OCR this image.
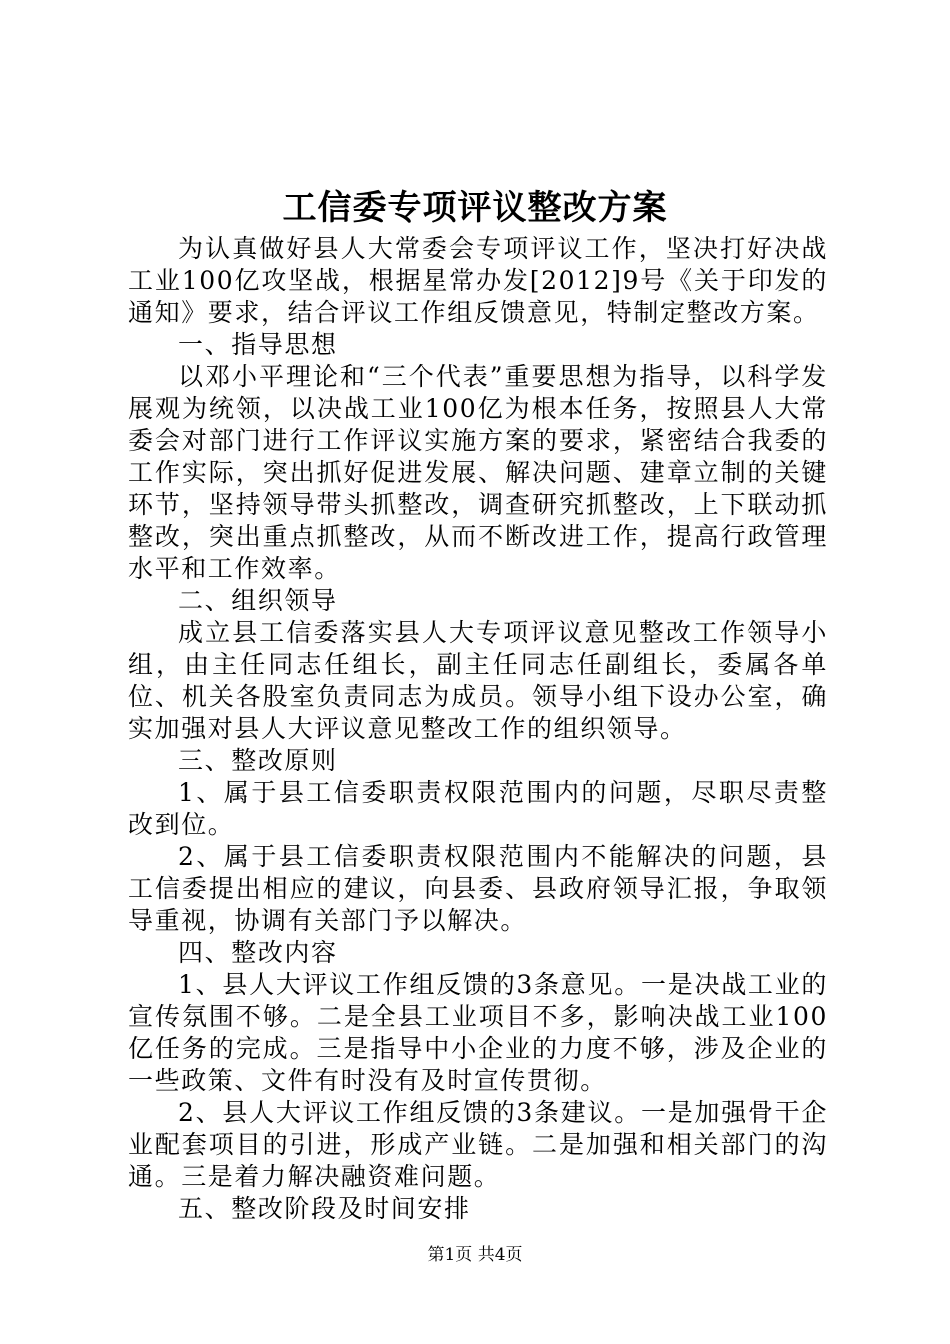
工信委专项评议整改方案

为认真做好县人大常委会专项评议工作，坚决打好决战工业100亿攻坚战，根据星常办发[2012]9号《关于印发的通知》要求，结合评议工作组反馈意见，特制定整改方案。

一、指导思想

以邓小平理论和“三个代表”重要思想为指导，以科学发展观为统领，以决战工业100亿为根本任务，按照县人大常委会对部门进行工作评议实施方案的要求，紧密结合我委的工作实际，突出抓好促进发展、解决问题、建章立制的关键环节，坚持领导带头抓整改，调查研究抓整改，上下联动抓整改，突出重点抓整改，从而不断改进工作，提高行政管理水平和工作效率。

二、组织领导

成立县工信委落实县人大专项评议意见整改工作领导小组，由主任同志任组长，副主任同志任副组长，委属各单位、机关各股室负责同志为成员。领导小组下设办公室，确实加强对县人大评议意见整改工作的组织领导。

三、整改原则

1、属于县工信委职责权限范围内的问题，尽职尽责整改到位。

2、属于县工信委职责权限范围内不能解决的问题，县工信委提出相应的建议，向县委、县政府领导汇报，争取领导重视，协调有关部门予以解决。

四、整改内容

1、县人大评议工作组反馈的3条意见。一是决战工业的宣传氛围不够。二是全县工业项目不多，影响决战工业100亿任务的完成。三是指导中小企业的力度不够，涉及企业的一些政策、文件有时没有及时宣传贯彻。

2、县人大评议工作组反馈的3条建议。一是加强骨干企业配套项目的引进，形成产业链。二是加强和相关部门的沟通。三是着力解决融资难问题。

五、整改阶段及时间安排

第1页 共4页
